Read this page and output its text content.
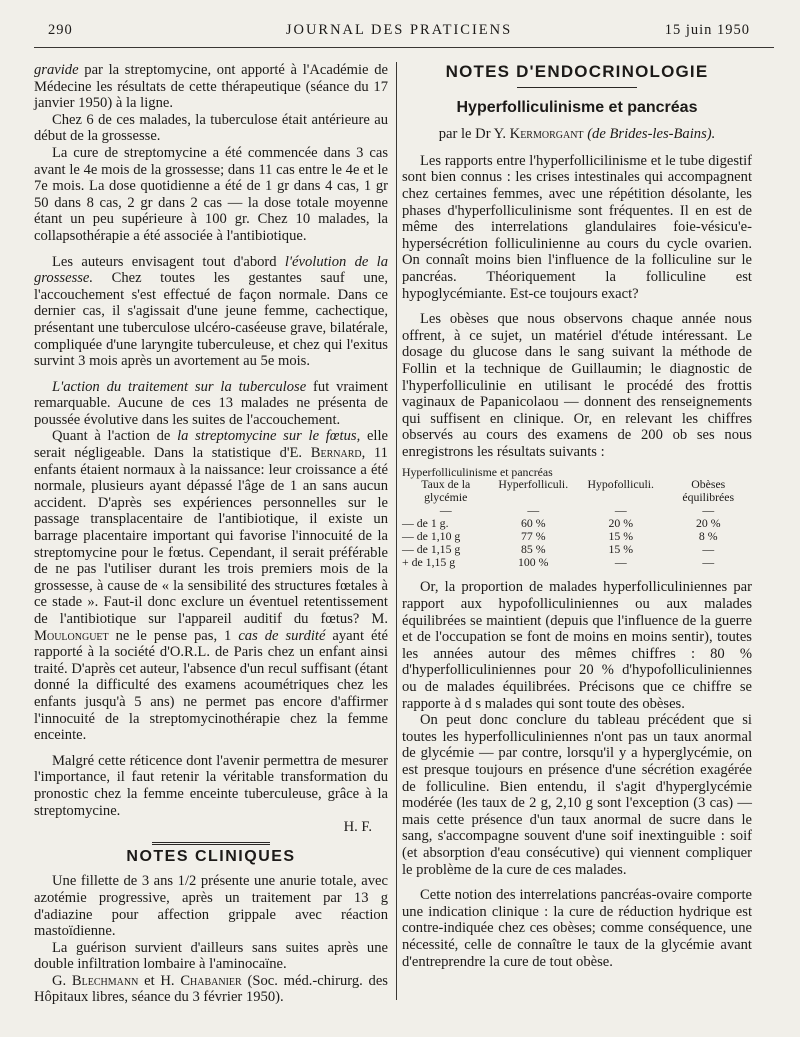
290	JOURNAL DES PRATICIENS	15 juin 1950

gravide par la streptomycine, ont apporté à l'Académie de Médecine les résultats de cette thérapeutique (séance du 17 janvier 1950) à la ligne.

Chez 6 de ces malades, la tuberculose était antérieure au début de la grossesse.

La cure de streptomycine a été commencée dans 3 cas avant le 4e mois de la grossesse; dans 11 cas entre le 4e et le 7e mois. La dose quotidienne a été de 1 gr dans 4 cas, 1 gr 50 dans 8 cas, 2 gr dans 2 cas — la dose totale moyenne étant un peu supérieure à 100 gr. Chez 10 malades, la collapsothérapie a été associée à l'antibiotique.

Les auteurs envisagent tout d'abord l'évolution de la grossesse. Chez toutes les gestantes sauf une, l'accouchement s'est effectué de façon normale. Dans ce dernier cas, il s'agissait d'une jeune femme, cachectique, présentant une tuberculose ulcéro-caséeuse grave, bilatérale, compliquée d'une laryngite tuberculeuse, et chez qui l'exitus survint 3 mois après un avortement au 5e mois.

L'action du traitement sur la tuberculose fut vraiment remarquable. Aucune de ces 13 malades ne présenta de poussée évolutive dans les suites de l'accouchement.

Quant à l'action de la streptomycine sur le fœtus, elle serait négligeable. Dans la statistique d'E. Bernard, 11 enfants étaient normaux à la naissance: leur croissance a été normale, plusieurs ayant dépassé l'âge de 1 an sans aucun accident. D'après ses expériences personnelles sur le passage transplacentaire de l'antibiotique, il existe un barrage placentaire important qui favorise l'innocuité de la streptomycine pour le fœtus. Cependant, il serait préférable de ne pas l'utiliser durant les trois premiers mois de la grossesse, à cause de « la sensibilité des structures fœtales à ce stade ». Faut-il donc exclure un éventuel retentissement de l'antibiotique sur l'appareil auditif du fœtus? M. Moulonguet ne le pense pas, 1 cas de surdité ayant été rapporté à la société d'O.R.L. de Paris chez un enfant ainsi traité. D'après cet auteur, l'absence d'un recul suffisant (étant donné la difficulté des examens acoumétriques chez les enfants jusqu'à 5 ans) ne permet pas encore d'affirmer l'innocuité de la streptomycinothérapie chez la femme enceinte.

Malgré cette réticence dont l'avenir permettra de mesurer l'importance, il faut retenir la véritable transformation du pronostic chez la femme enceinte tuberculeuse, grâce à la streptomycine.

H. F.

NOTES CLINIQUES

Une fillette de 3 ans 1/2 présente une anurie totale, avec azotémie progressive, après un traitement par 13 g d'adiazine pour affection grippale avec réaction mastoïdienne.

La guérison survient d'ailleurs sans suites après une double infiltration lombaire à l'aminocaïne.

G. Blechmann et H. Chabanier (Soc. méd.-chirurg. des Hôpitaux libres, séance du 3 février 1950).

NOTES D'ENDOCRINOLOGIE
Hyperfolliculinisme et pancréas

par le Dr Y. Kermorgant (de Brides-les-Bains).

Les rapports entre l'hyperfollicilinisme et le tube digestif sont bien connus : les crises intestinales qui accompagnent chez certaines femmes, avec une répétition désolante, les phases d'hyperfolliculinisme sont fréquentes. Il en est de même des interrelations glandulaires foie-vésicu'e-hypersécrétion folliculinienne au cours du cycle ovarien. On connaît moins bien l'influence de la folliculine sur le pancréas. Théoriquement la folliculine est hypoglycémiante. Est-ce toujours exact?

Les obèses que nous observons chaque année nous offrent, à ce sujet, un matériel d'étude intéressant. Le dosage du glucose dans le sang suivant la méthode de Follin et la technique de Guillaumin; le diagnostic de l'hyperfolliculinie en utilisant le procédé des frottis vaginaux de Papanicolaou — donnent des renseignements qui suffisent en clinique. Or, en relevant les chiffres observés au cours des examens de 200 ob ses nous enregistrons les résultats suivants :

Hyperfolliculinisme et pancréas			
Taux de la glycémie	Hyperfolliculi.	Hypofolliculi.	Obèses équilibrées
—	—	—	—
— de 1 g.	60 %	20 %	20 %
— de 1,10 g	77 %	15 %	8 %
— de 1,15 g	85 %	15 %	—
+ de 1,15 g	100 %	—	—

Or, la proportion de malades hyperfolliculiniennes par rapport aux hypofolliculiniennes ou aux malades équilibrées se maintient (depuis que l'influence de la guerre et de l'occupation se font de moins en moins sentir), toutes les années autour des mêmes chiffres : 80 % d'hyperfolliculiniennes pour 20 % d'hypofolliculiniennes ou de malades équilibrées. Précisons que ce chiffre se rapporte à d s malades qui sont toute des obèses.

On peut donc conclure du tableau précédent que si toutes les hyperfolliculiniennes n'ont pas un taux anormal de glycémie — par contre, lorsqu'il y a hyperglycémie, on est presque toujours en présence d'une sécrétion exagérée de folliculine. Bien entendu, il s'agit d'hyperglycémie modérée (les taux de 2 g, 2,10 g sont l'exception (3 cas) — mais cette présence d'un taux anormal de sucre dans le sang, s'accompagne souvent d'une soif inextinguible : soif (et absorption d'eau consécutive) qui viennent compliquer le problème de la cure de ces malades.

Cette notion des interrelations pancréas-ovaire comporte une indication clinique : la cure de réduction hydrique est contre-indiquée chez ces obèses; comme conséquence, une nécessité, celle de connaître le taux de la glycémie avant d'entreprendre la cure de tout obèse.
